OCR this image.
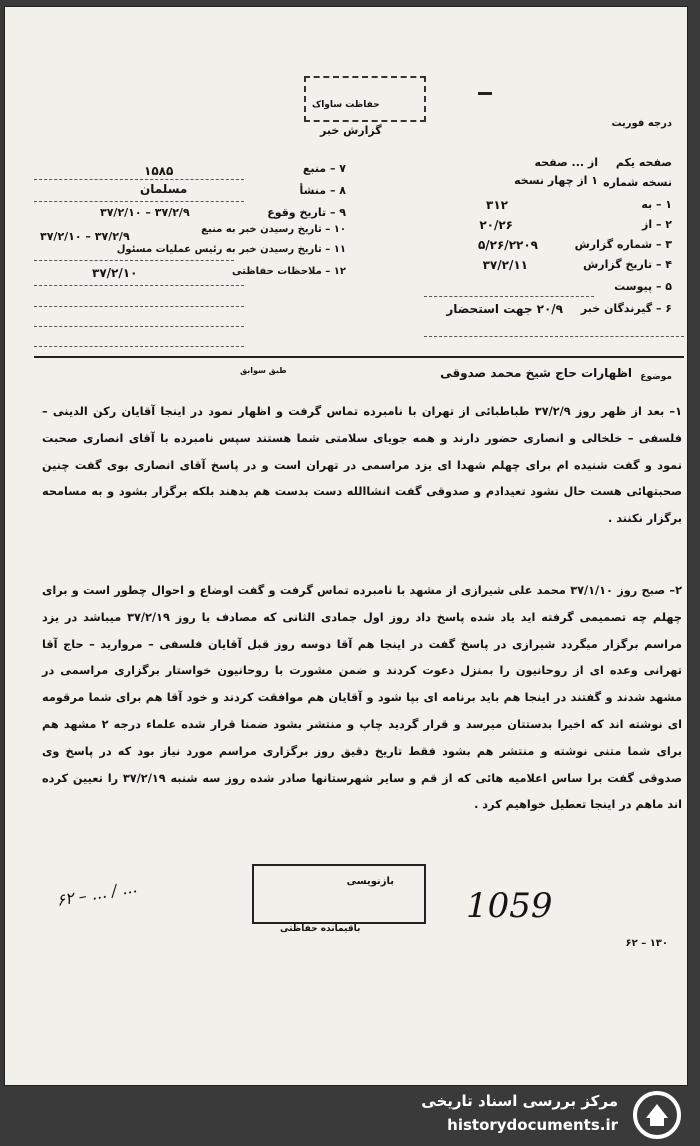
حفاظت ساواک
گزارش خبر
درجه فوریت
۷ – منبع
۱۵۸۵
۸ – منشأ
مسلمان
۹ – تاریخ وقوع
۳۷/۲/۱۰ – ۳۷/۲/۹
۱۰ – تاریخ رسیدن خبر به منبع
۳۷/۲/۱۰ – ۳۷/۲/۹
۱۱ – تاریخ رسیدن خبر به رئیس عملیات مسئول
۱۲ – ملاحظات حفاظتی
۳۷/۲/۱۰
صفحه یکم
از ... صفحه
نسخه شماره
۱ از چهار نسخه
۱ – به
۳۱۲
۲ – از
۲۰/۲۶
۳ – شماره گزارش
۵/۲۶/۲۲۰۹
۴ – تاریخ گزارش
۳۷/۲/۱۱
۵ – پیوست
۶ – گیرندگان خبر
۲۰/۹ جهت استحضار
موضوع
اظهارات حاج شیخ محمد صدوقی
طبق سوابق
۱– بعد از ظهر روز ۳۷/۲/۹ طباطبائی از تهران با نامبرده تماس گرفت و اظهار نمود در اینجا آقایان رکن الدینی – فلسفی – خلخالی و انصاری حضور دارند و همه جویای سلامتی شما هستند سپس نامبرده با آقای انصاری صحبت نمود و گفت شنیده ام برای چهلم شهدا ای یزد مراسمی در تهران است و در پاسخ آقای انصاری بوی گفت چنین صحبتهائی هست حال نشود تعیدادم و صدوقی گفت انشاالله دست بدست هم بدهند بلکه برگزار بشود و به مسامحه برگزار نکنند .
۲– صبح روز ۳۷/۱/۱۰ محمد علی شیرازی از مشهد با نامبرده تماس گرفت و گفت اوضاع و احوال چطور است و برای چهلم چه تصمیمی گرفته اید یاد شده پاسخ داد روز اول جمادی الثانی که مصادف با روز ۳۷/۲/۱۹ میباشد در یزد مراسم برگزار میگردد شیرازی در پاسخ گفت در اینجا هم آقا دوسه روز قبل آقایان فلسفی – مروارید – حاج آقا تهرانی وعده ای از روحانیون را بمنزل دعوت کردند و ضمن مشورت با روحانیون خواستار برگزاری مراسمی در مشهد شدند و گفتند در اینجا هم باید برنامه ای بپا شود و آقایان هم موافقت کردند و خود آقا هم برای شما مرقومه ای نوشته اند که اخیرا بدستتان میرسد و قرار گردید چاپ و منتشر بشود ضمنا قرار شده علماء درجه ۲ مشهد هم برای شما متنی نوشته و منتشر هم بشود فقط تاریخ دقیق روز برگزاری مراسم مورد نیاز بود که در پاسخ وی صدوقی گفت برا ساس اعلامیه هائی که از قم و سایر شهرستانها صادر شده روز سه شنبه ۳۷/۲/۱۹ را تعیین کرده اند ماهم در اینجا تعطیل خواهیم کرد .
بازنویسی
باقیمانده حفاظتی
۶۲ – ... / ...	1059
۱۳۰ – ۶۲
مرکز بررسی اسناد تاریخی
historydocuments.ir
